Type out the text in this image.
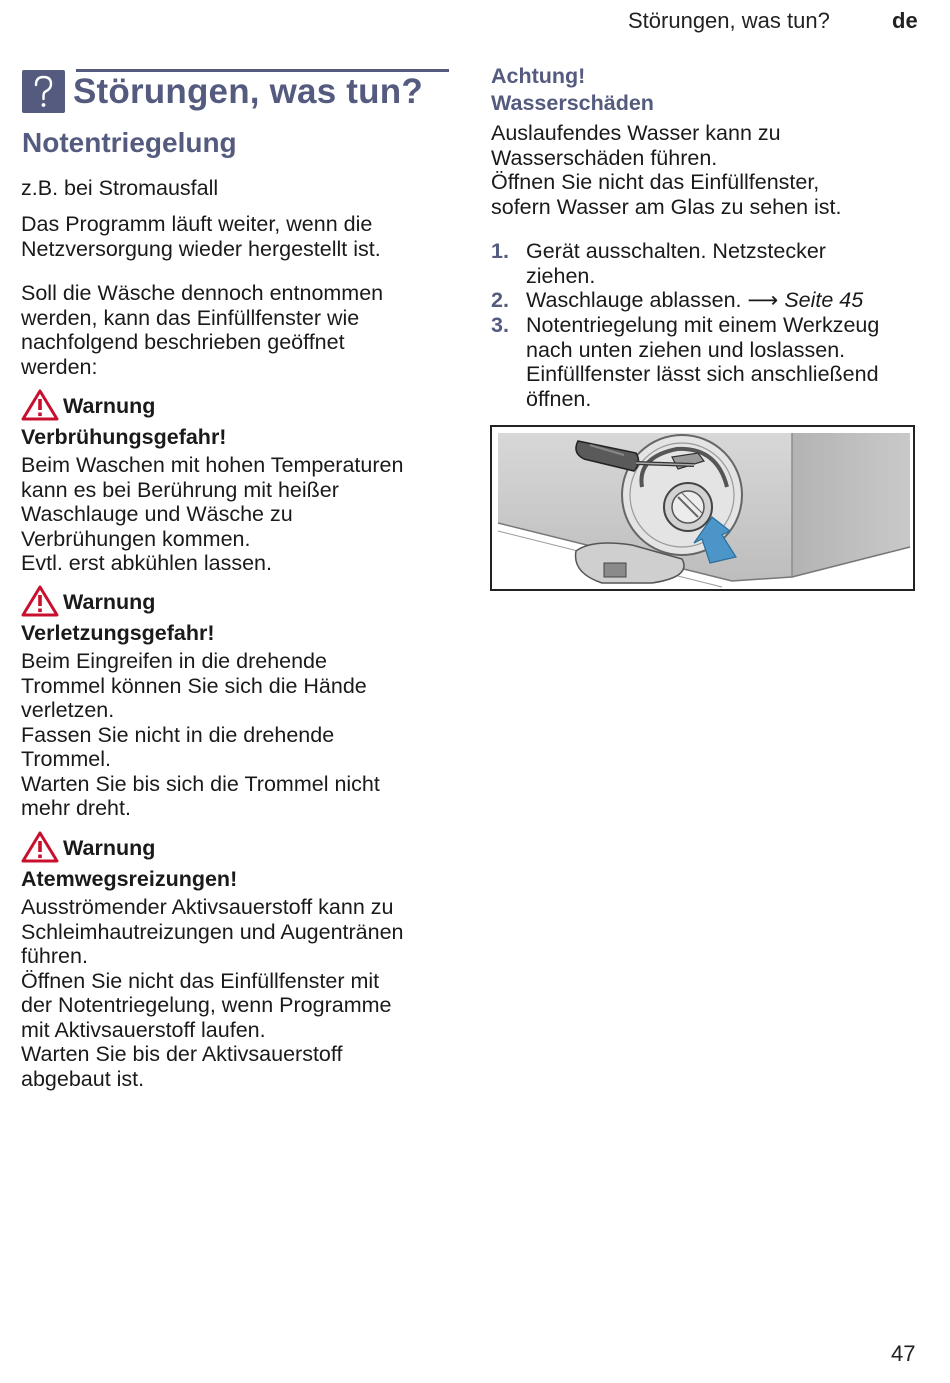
Störungen, was tun?	de
Störungen, was tun?
Notentriegelung
z.B. bei Stromausfall
Das Programm läuft weiter, wenn die
Netzversorgung wieder hergestellt ist.
Soll die Wäsche dennoch entnommen
werden, kann das Einfüllfenster wie
nachfolgend beschrieben geöffnet
werden:
Warnung
Verbrühungsgefahr!
Beim Waschen mit hohen Temperaturen
kann es bei Berührung mit heißer
Waschlauge und Wäsche zu
Verbrühungen kommen.
Evtl. erst abkühlen lassen.
Warnung
Verletzungsgefahr!
Beim Eingreifen in die drehende
Trommel können Sie sich die Hände
verletzen.
Fassen Sie nicht in die drehende
Trommel.
Warten Sie bis sich die Trommel nicht
mehr dreht.
Warnung
Atemwegsreizungen!
Ausströmender Aktivsauerstoff kann zu
Schleimhautreizungen und Augentränen
führen.
Öffnen Sie nicht das Einfüllfenster mit
der Notentriegelung, wenn Programme
mit Aktivsauerstoff laufen.
Warten Sie bis der Aktivsauerstoff
abgebaut ist.
Achtung!
Wasserschäden
Auslaufendes Wasser kann zu
Wasserschäden führen.
Öffnen Sie nicht das Einfüllfenster,
sofern Wasser am Glas zu sehen ist.
1. Gerät ausschalten. Netzstecker
ziehen.
2. Waschlauge ablassen. ⟶ Seite 45
3. Notentriegelung mit einem Werkzeug
nach unten ziehen und loslassen.
Einfüllfenster lässt sich anschließend
öffnen.
47
